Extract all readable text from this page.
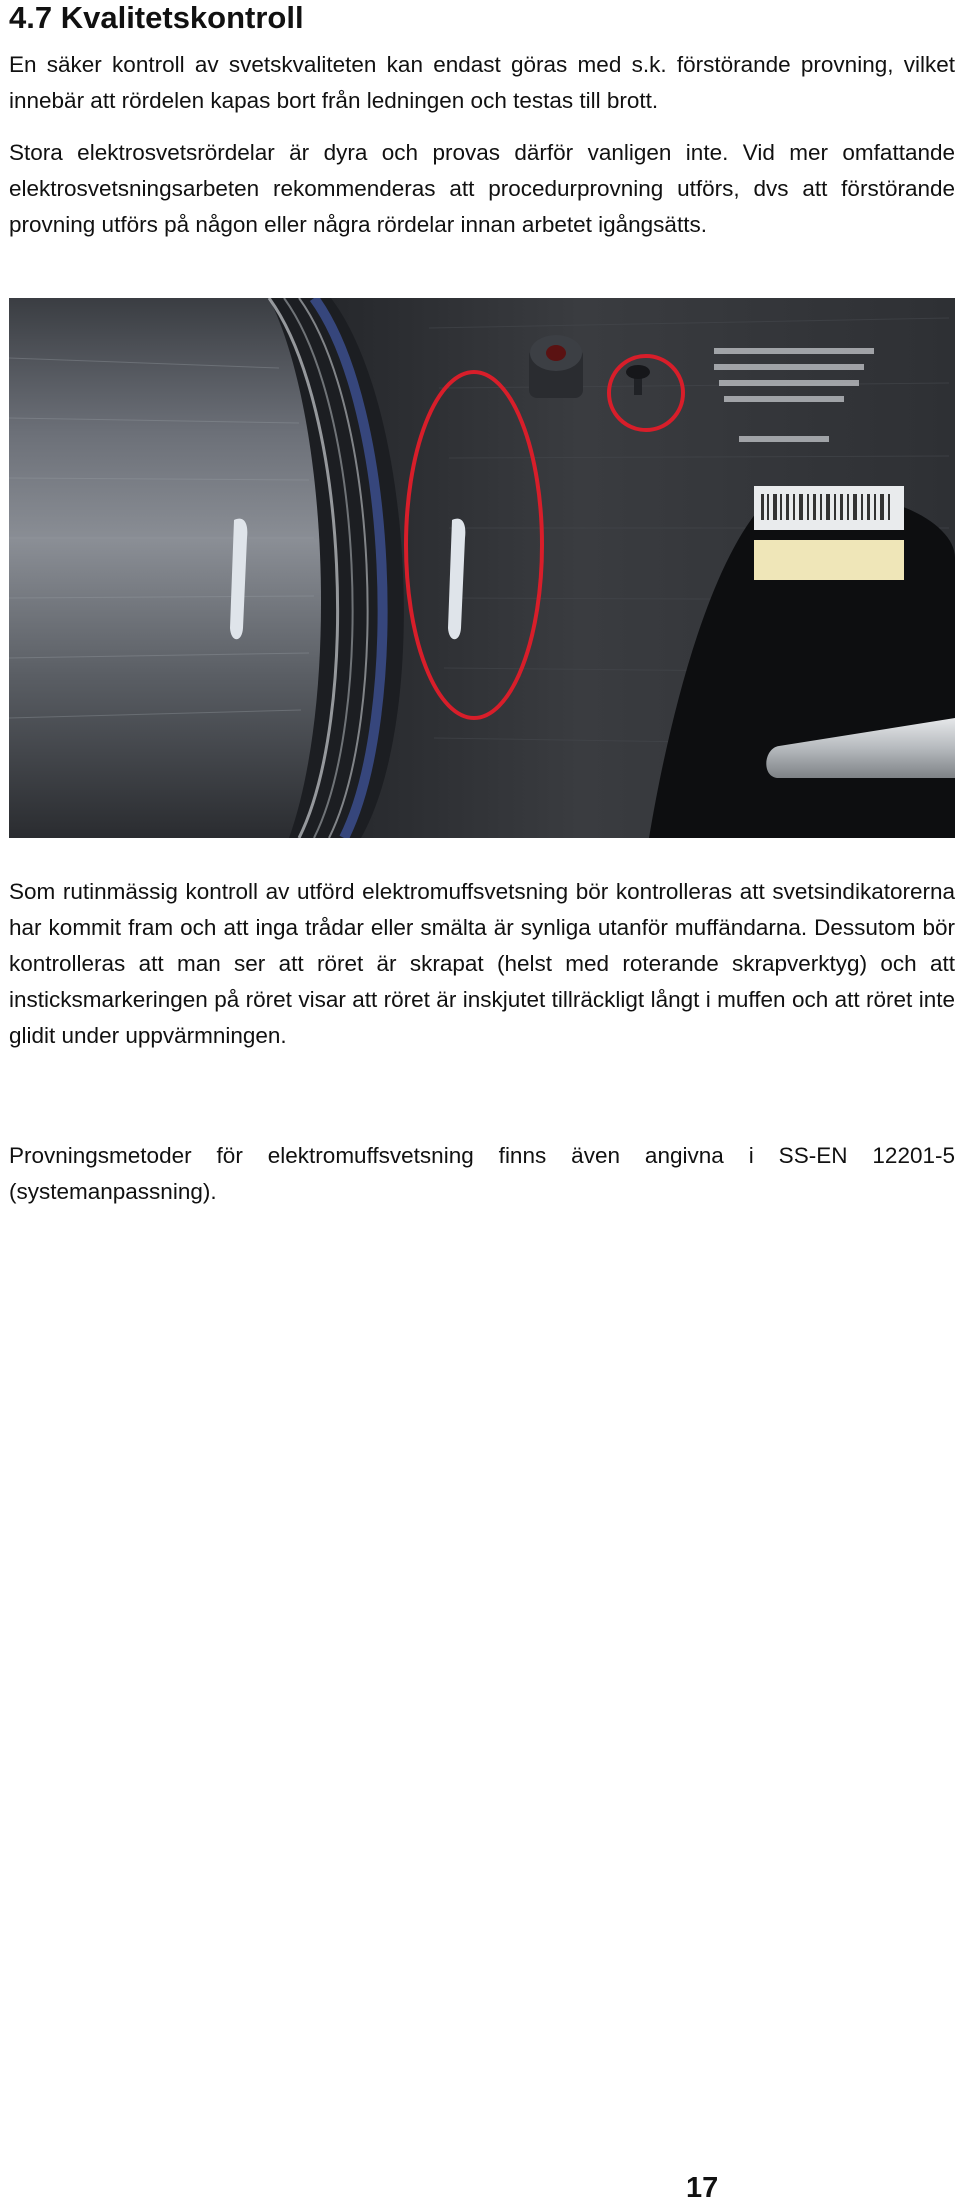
4.7 Kvalitetskontroll

En säker kontroll av svetskvaliteten kan endast göras med s.k. förstörande provning, vilket innebär att rördelen kapas bort från ledningen och testas till brott.

Stora elektrosvetsrördelar är dyra och provas därför vanligen inte. Vid mer omfattande elektrosvetsningsarbeten rekommenderas att procedurprovning utförs, dvs att förstörande provning utförs på någon eller några rördelar innan arbetet igångsätts.

Som rutinmässig kontroll av utförd elektromuffsvetsning bör kontrolleras att svetsindikatorerna har kommit fram och att inga trådar eller smälta är synliga utanför muffändarna. Dessutom bör kontrolleras att man ser att röret är skrapat (helst med roterande skrapverktyg) och att insticksmarkeringen på röret visar att röret är inskjutet tillräckligt långt i muffen och att röret inte glidit under uppvärmningen.

Provningsmetoder för elektromuffsvetsning finns även angivna i SS-EN 12201-5 (systemanpassning).

17
